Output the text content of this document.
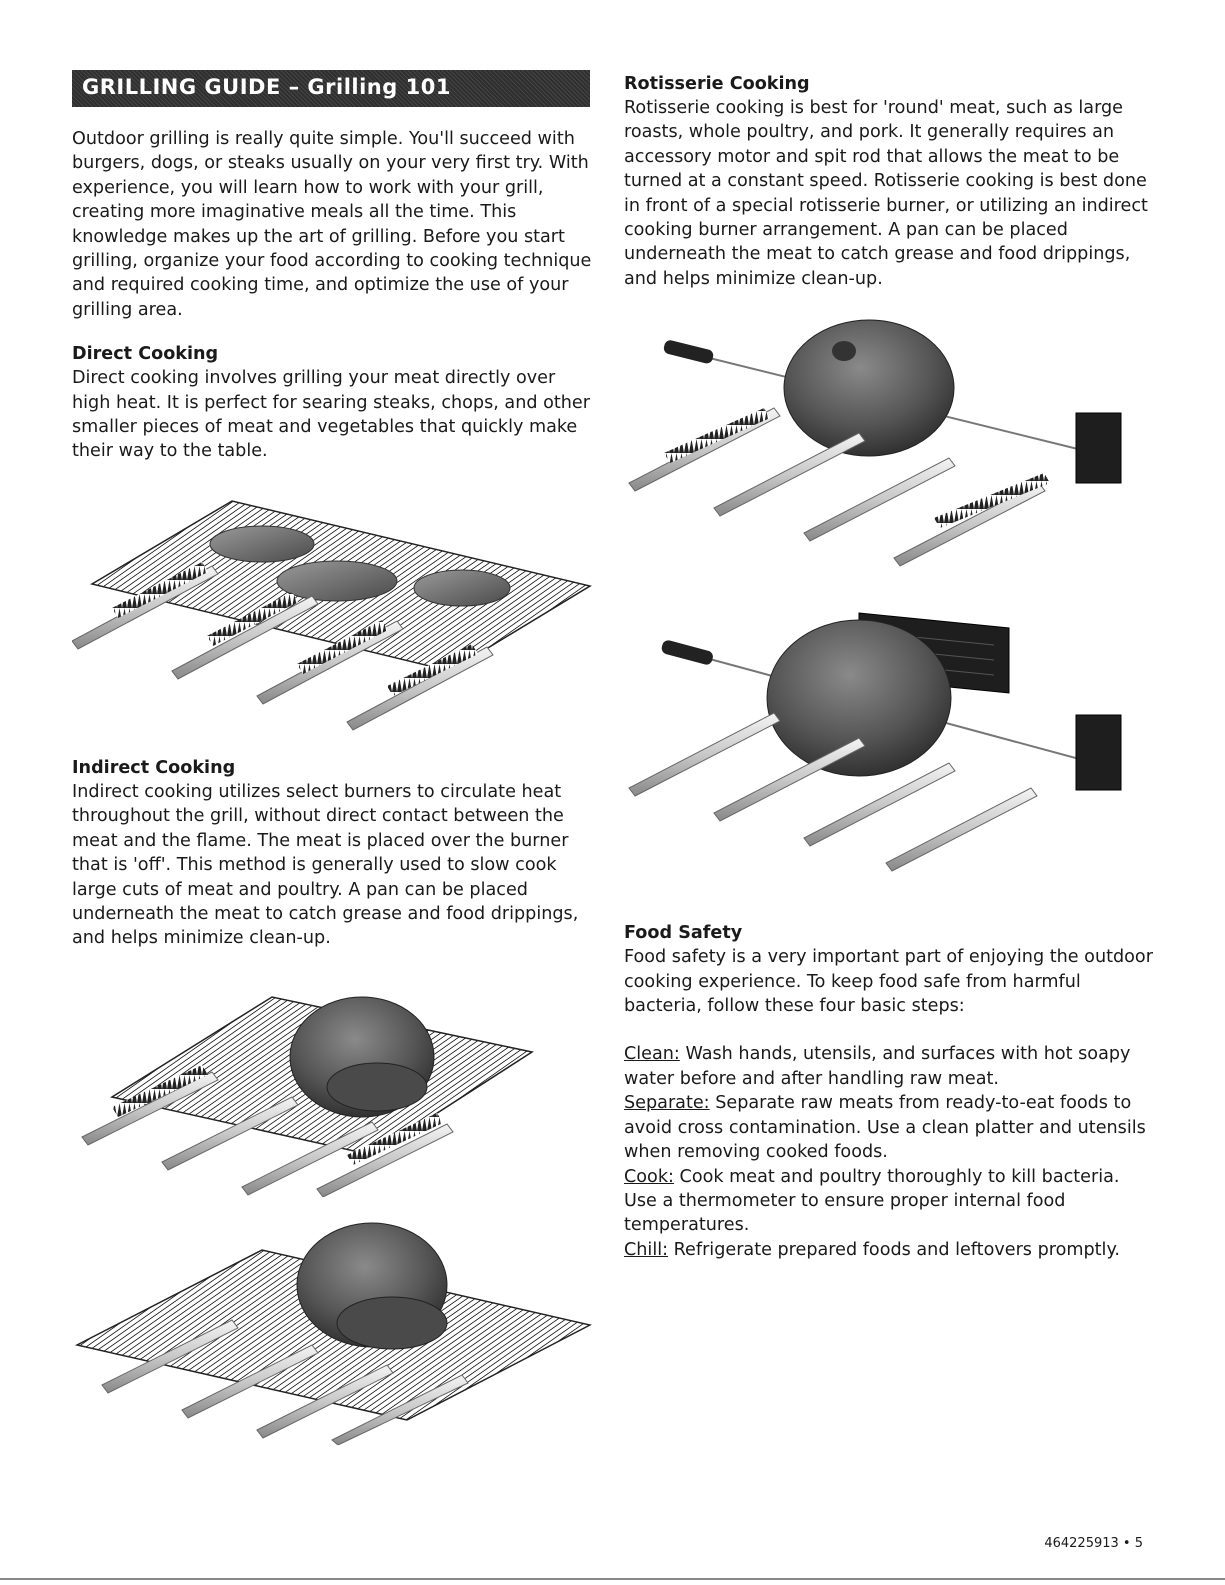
GRILLING GUIDE – Grilling 101

Outdoor grilling is really quite simple. You'll succeed with burgers, dogs, or steaks usually on your very first try. With experience, you will learn how to work with your grill, creating more imaginative meals all the time. This knowledge makes up the art of grilling. Before you start grilling, organize your food according to cooking technique and required cooking time, and optimize the use of your grilling area.

Direct Cooking

Direct cooking involves grilling your meat directly over high heat. It is perfect for searing steaks, chops, and other smaller pieces of meat and vegetables that quickly make their way to the table.

Indirect Cooking

Indirect cooking utilizes select burners to circulate heat throughout the grill, without direct contact between the meat and the flame. The meat is placed over the burner that is 'off'. This method is generally used to slow cook large cuts of meat and poultry. A pan can be placed underneath the meat to catch grease and food drippings, and helps minimize clean-up.

Rotisserie Cooking

Rotisserie cooking is best for 'round' meat, such as large roasts, whole poultry, and pork. It generally requires an accessory motor and spit rod that allows the meat to be turned at a constant speed. Rotisserie cooking is best done in front of a special rotisserie burner, or utilizing an indirect cooking burner arrangement. A pan can be placed underneath the meat to catch grease and food drippings, and helps minimize clean-up.

Food Safety

Food safety is a very important part of enjoying the outdoor cooking experience. To keep food safe from harmful bacteria, follow these four basic steps:

Clean: Wash hands, utensils, and surfaces with hot soapy water before and after handling raw meat.

Separate: Separate raw meats from ready-to-eat foods to avoid cross contamination. Use a clean platter and utensils when removing cooked foods.

Cook: Cook meat and poultry thoroughly to kill bacteria. Use a thermometer to ensure proper internal food temperatures.

Chill: Refrigerate prepared foods and leftovers promptly.

464225913 • 5
